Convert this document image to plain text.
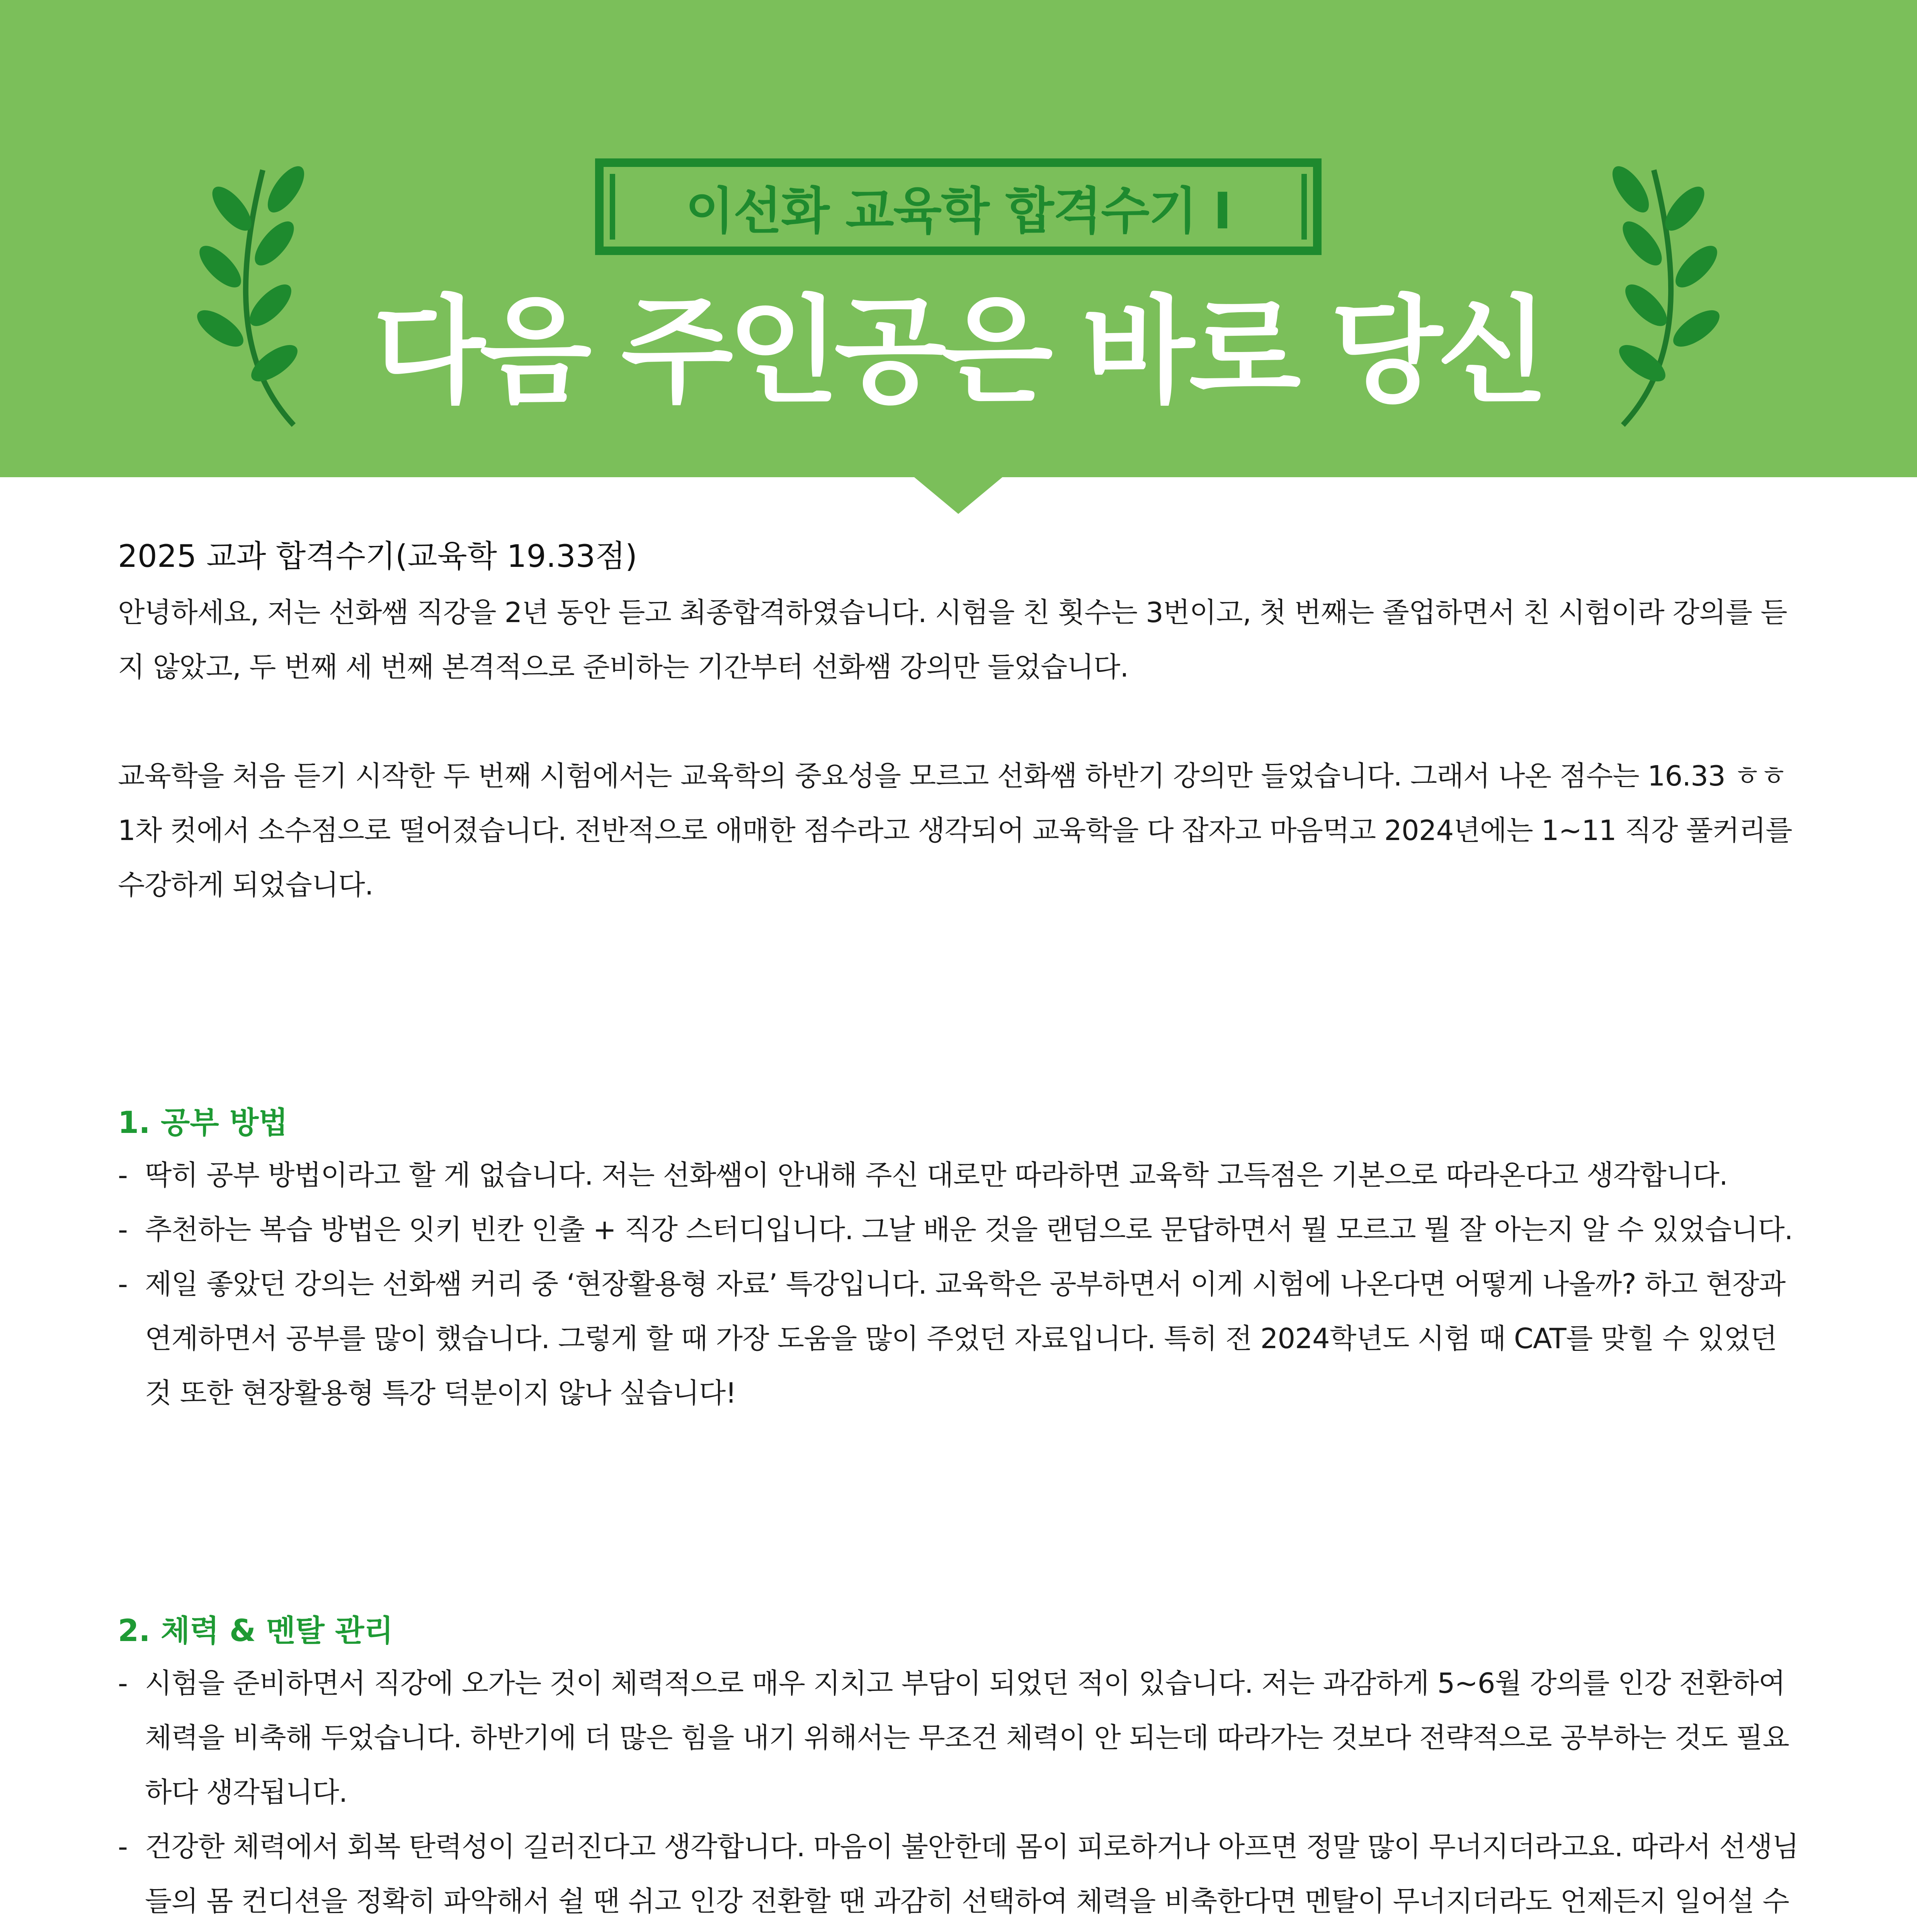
이선화 교육학 합격수기 Ⅰ
다음 주인공은 바로 당신
2025 교과 합격수기(교육학 19.33점)

안녕하세요, 저는 선화쌤 직강을 2년 동안 듣고 최종합격하였습니다. 시험을 친 횟수는 3번이고, 첫 번째는 졸업하면서 친 시험이라 강의를 듣지 않았고, 두 번째 세 번째 본격적으로 준비하는 기간부터 선화쌤 강의만 들었습니다.

교육학을 처음 듣기 시작한 두 번째 시험에서는 교육학의 중요성을 모르고 선화쌤 하반기 강의만 들었습니다. 그래서 나온 점수는 16.33 ㅎㅎ 1차 컷에서 소수점으로 떨어졌습니다. 전반적으로 애매한 점수라고 생각되어 교육학을 다 잡자고 마음먹고 2024년에는 1~11 직강 풀커리를 수강하게 되었습니다.

1. 공부 방법
- 딱히 공부 방법이라고 할 게 없습니다. 저는 선화쌤이 안내해 주신 대로만 따라하면 교육학 고득점은 기본으로 따라온다고 생각합니다.
- 추천하는 복습 방법은 잇키 빈칸 인출 + 직강 스터디입니다. 그날 배운 것을 랜덤으로 문답하면서 뭘 모르고 뭘 잘 아는지 알 수 있었습니다.
- 제일 좋았던 강의는 선화쌤 커리 중 ‘현장활용형 자료’ 특강입니다. 교육학은 공부하면서 이게 시험에 나온다면 어떻게 나올까? 하고 현장과 연계하면서 공부를 많이 했습니다. 그렇게 할 때 가장 도움을 많이 주었던 자료입니다. 특히 전 2024학년도 시험 때 CAT를 맞힐 수 있었던 것 또한 현장활용형 특강 덕분이지 않나 싶습니다!
2. 체력 & 멘탈 관리
- 시험을 준비하면서 직강에 오가는 것이 체력적으로 매우 지치고 부담이 되었던 적이 있습니다. 저는 과감하게 5~6월 강의를 인강 전환하여 체력을 비축해 두었습니다. 하반기에 더 많은 힘을 내기 위해서는 무조건 체력이 안 되는데 따라가는 것보다 전략적으로 공부하는 것도 필요하다 생각됩니다.
- 건강한 체력에서 회복 탄력성이 길러진다고 생각합니다. 마음이 불안한데 몸이 피로하거나 아프면 정말 많이 무너지더라고요. 따라서 선생님들의 몸 컨디션을 정확히 파악해서 쉴 땐 쉬고 인강 전환할 땐 과감히 선택하여 체력을 비축한다면 멘탈이 무너지더라도 언제든지 일어설 수
